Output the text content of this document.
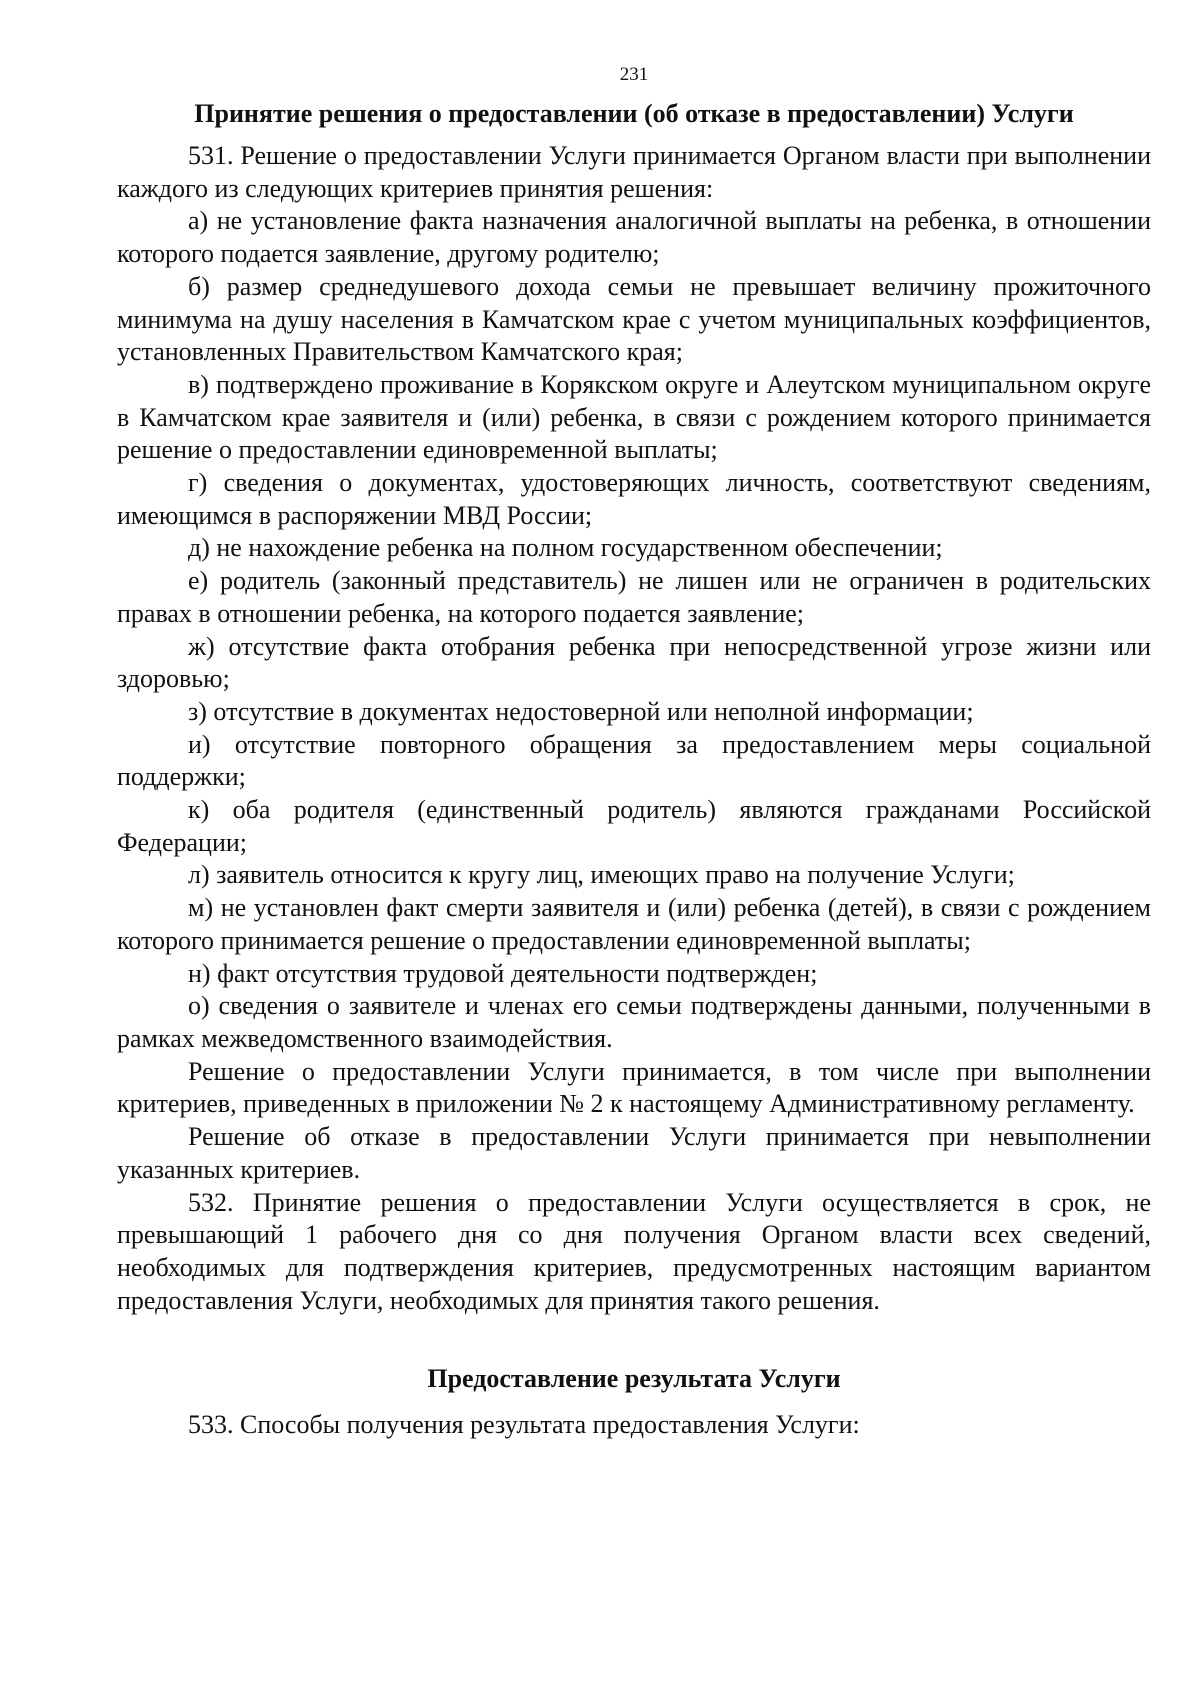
231

Принятие решения о предоставлении (об отказе в предоставлении) Услуги

531. Решение о предоставлении Услуги принимается Органом власти при выполнении каждого из следующих критериев принятия решения:

а) не установление факта назначения аналогичной выплаты на ребенка, в отношении которого подается заявление, другому родителю;

б) размер среднедушевого дохода семьи не превышает величину прожиточного минимума на душу населения в Камчатском крае с учетом муниципальных коэффициентов, установленных Правительством Камчатского края;

в) подтверждено проживание в Корякском округе и Алеутском муниципальном округе в Камчатском крае заявителя и (или) ребенка, в связи с рождением которого принимается решение о предоставлении единовременной выплаты;

г) сведения о документах, удостоверяющих личность, соответствуют сведениям, имеющимся в распоряжении МВД России;

д) не нахождение ребенка на полном государственном обеспечении;

е) родитель (законный представитель) не лишен или не ограничен в родительских правах в отношении ребенка, на которого подается заявление;

ж) отсутствие факта отобрания ребенка при непосредственной угрозе жизни или здоровью;

з) отсутствие в документах недостоверной или неполной информации;

и) отсутствие повторного обращения за предоставлением меры социальной поддержки;

к) оба родителя (единственный родитель) являются гражданами Российской Федерации;

л) заявитель относится к кругу лиц, имеющих право на получение Услуги;

м) не установлен факт смерти заявителя и (или) ребенка (детей), в связи с рождением которого принимается решение о предоставлении единовременной выплаты;

н) факт отсутствия трудовой деятельности подтвержден;

о) сведения о заявителе и членах его семьи подтверждены данными, полученными в рамках межведомственного взаимодействия.

Решение о предоставлении Услуги принимается, в том числе при выполнении критериев, приведенных в приложении № 2 к настоящему Административному регламенту.

Решение об отказе в предоставлении Услуги принимается при невыполнении указанных критериев.

532. Принятие решения о предоставлении Услуги осуществляется в срок, не превышающий 1 рабочего дня со дня получения Органом власти всех сведений, необходимых для подтверждения критериев, предусмотренных настоящим вариантом предоставления Услуги, необходимых для принятия такого решения.

Предоставление результата Услуги

533. Способы получения результата предоставления Услуги:
